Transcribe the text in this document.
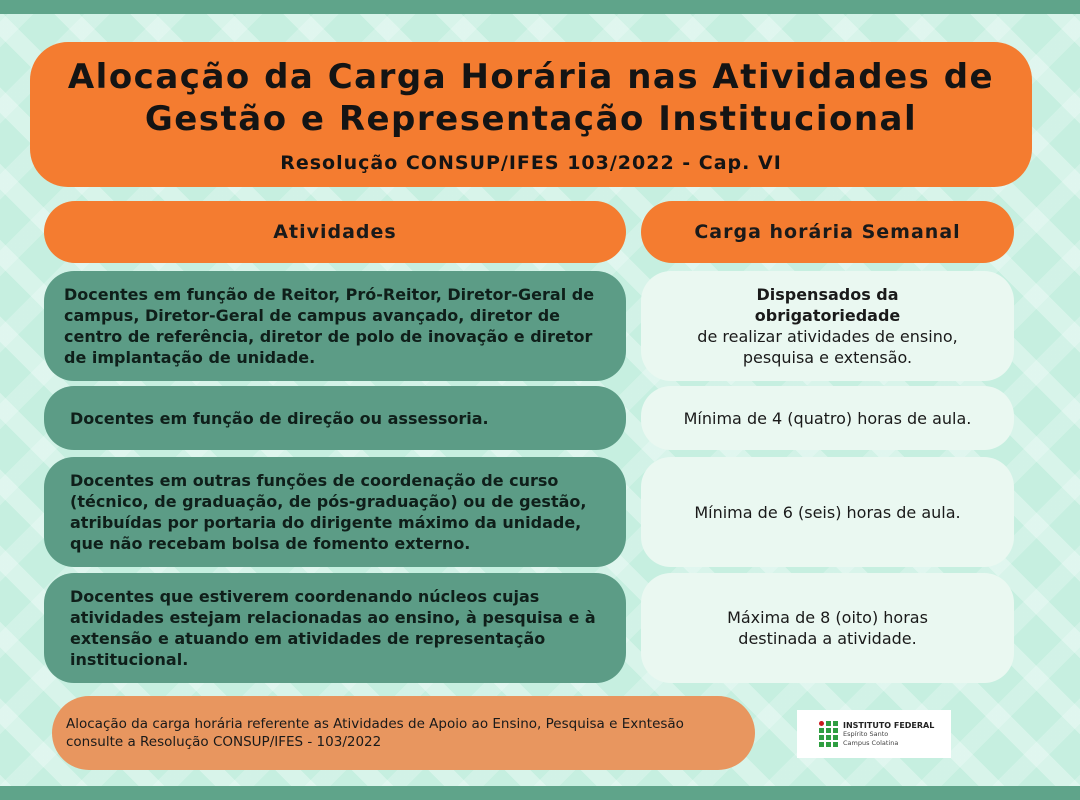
Alocação da Carga Horária nas Atividades de
Gestão e Representação Institucional
Resolução CONSUP/IFES 103/2022 - Cap. VI
Atividades	Carga horária Semanal
Docentes em função de Reitor, Pró-Reitor, Diretor-Geral de campus, Diretor-Geral de campus avançado, diretor de centro de referência, diretor de polo de inovação e diretor de implantação de unidade.
Dispensados da obrigatoriedade
de realizar atividades de ensino, pesquisa e extensão.
Docentes em função de direção ou assessoria.	Mínima de 4 (quatro) horas de aula.
Docentes em outras funções de coordenação de curso (técnico, de graduação, de pós-graduação) ou de gestão, atribuídas por portaria do dirigente máximo da unidade, que não recebam bolsa de fomento externo.
Mínima de 6 (seis) horas de aula.
Docentes que estiverem coordenando núcleos cujas atividades estejam relacionadas ao ensino, à pesquisa e à extensão e atuando em atividades de representação institucional.
Máxima de 8 (oito) horas destinada a atividade.
Alocação da carga horária referente as Atividades de Apoio ao Ensino, Pesquisa e Exntesão
consulte a Resolução CONSUP/IFES - 103/2022
INSTITUTO FEDERAL
Espírito Santo
Campus Colatina
